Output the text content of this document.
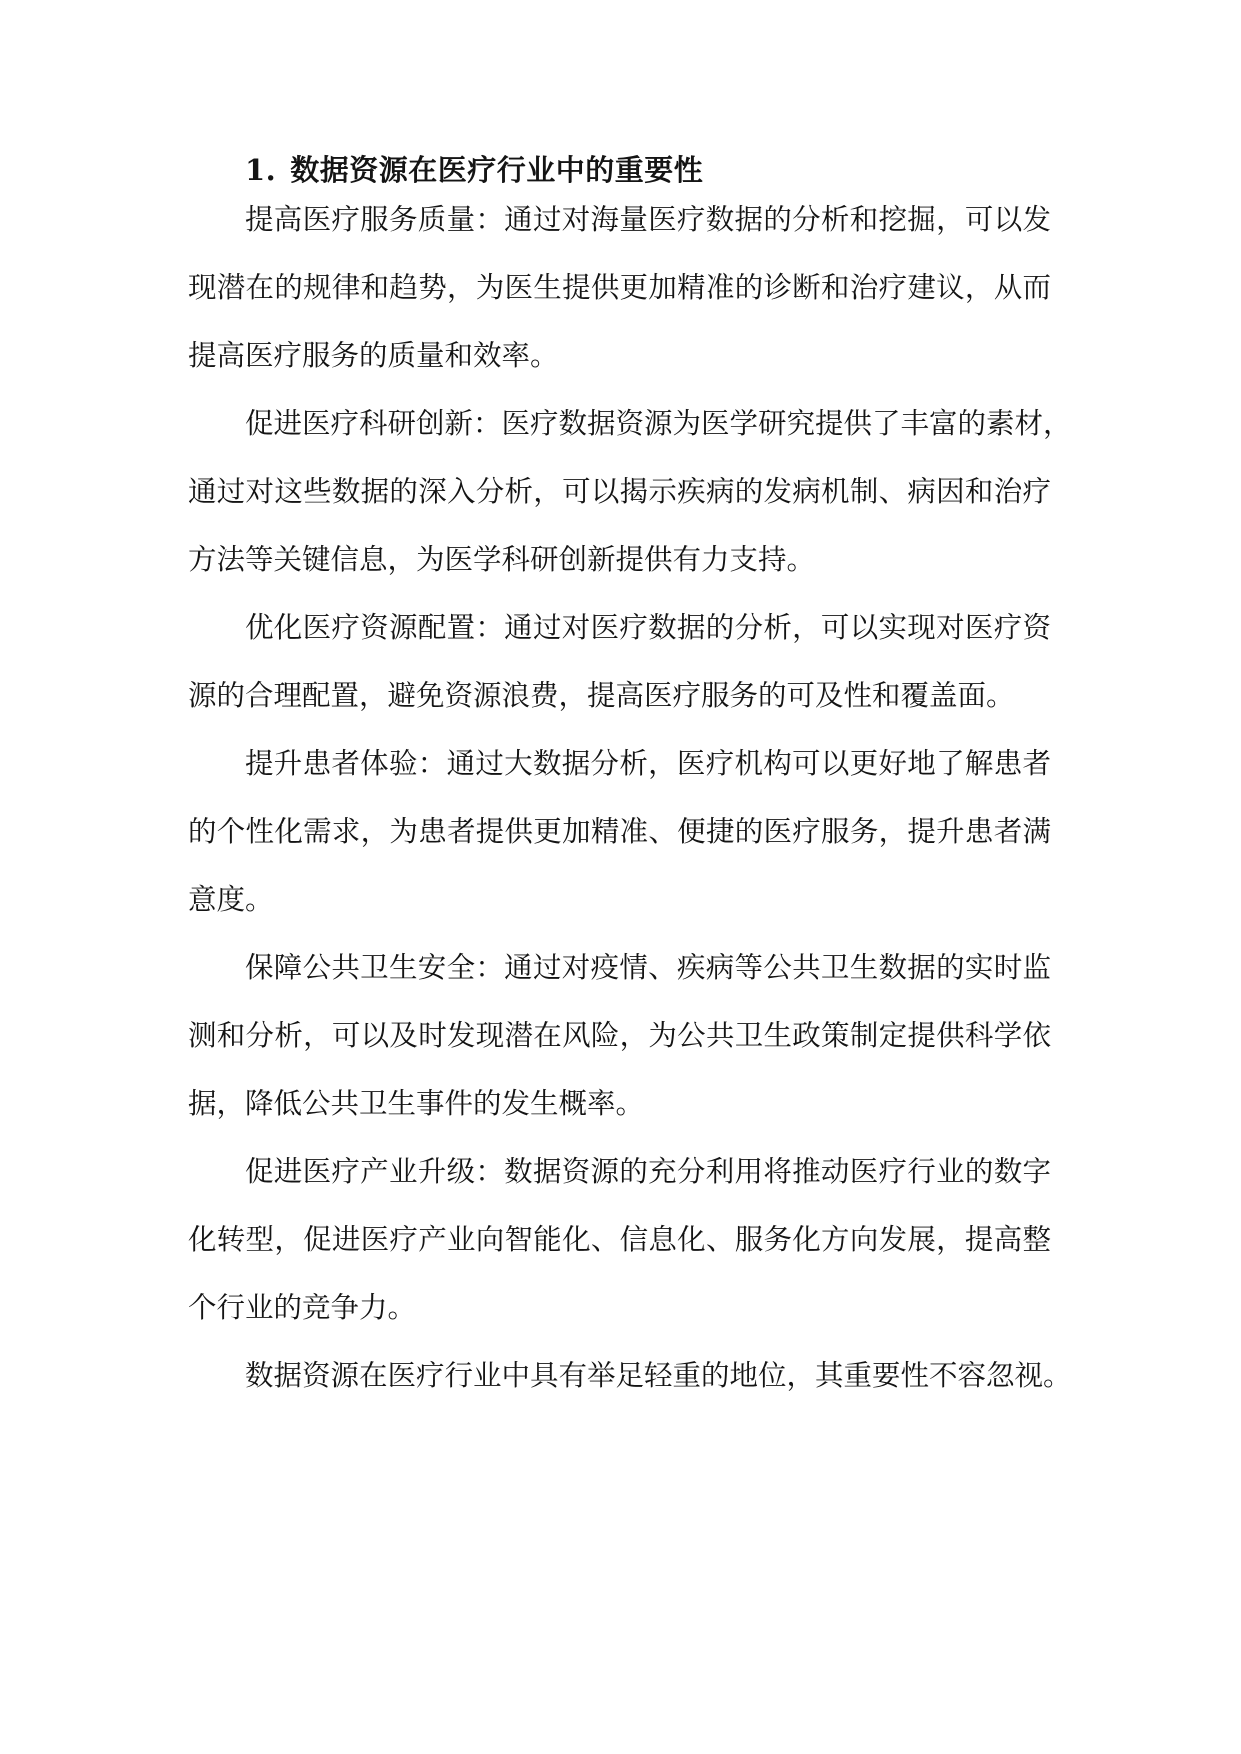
1. 数据资源在医疗行业中的重要性
提高医疗服务质量：通过对海量医疗数据的分析和挖掘，可以发
现潜在的规律和趋势，为医生提供更加精准的诊断和治疗建议，从而
提高医疗服务的质量和效率。
促进医疗科研创新：医疗数据资源为医学研究提供了丰富的素材，
通过对这些数据的深入分析，可以揭示疾病的发病机制、病因和治疗
方法等关键信息，为医学科研创新提供有力支持。
优化医疗资源配置：通过对医疗数据的分析，可以实现对医疗资
源的合理配置，避免资源浪费，提高医疗服务的可及性和覆盖面。
提升患者体验：通过大数据分析，医疗机构可以更好地了解患者
的个性化需求，为患者提供更加精准、便捷的医疗服务，提升患者满
意度。
保障公共卫生安全：通过对疫情、疾病等公共卫生数据的实时监
测和分析，可以及时发现潜在风险，为公共卫生政策制定提供科学依
据，降低公共卫生事件的发生概率。
促进医疗产业升级：数据资源的充分利用将推动医疗行业的数字
化转型，促进医疗产业向智能化、信息化、服务化方向发展，提高整
个行业的竞争力。
数据资源在医疗行业中具有举足轻重的地位，其重要性不容忽视。
